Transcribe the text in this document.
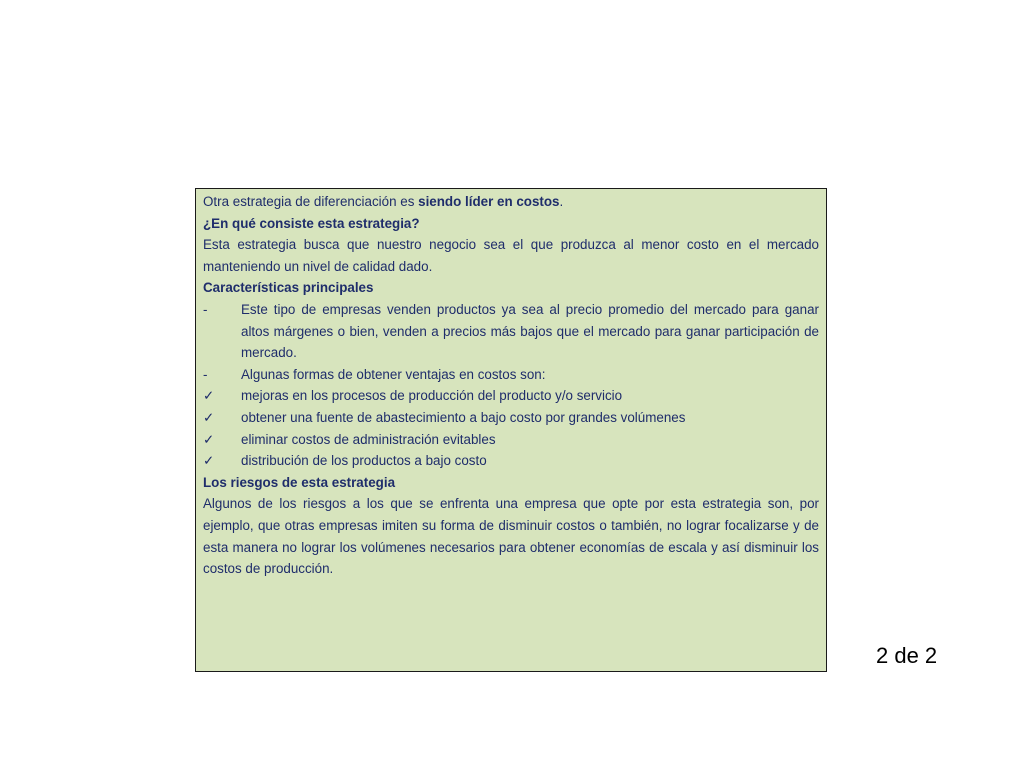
Otra estrategia de diferenciación es siendo líder en costos.

¿En qué consiste esta estrategia?

Esta estrategia busca que nuestro negocio sea el que produzca al menor costo en el mercado manteniendo un nivel de calidad dado.

Características principales

-	Este tipo de empresas venden productos ya sea al precio promedio del mercado para ganar altos márgenes o bien, venden a precios más bajos que el mercado para ganar participación de mercado.
-	Algunas formas de obtener ventajas en costos son:
✓	mejoras en los procesos de producción del producto y/o servicio
✓	obtener una fuente de abastecimiento a bajo costo por grandes volúmenes
✓	eliminar costos de administración evitables
✓	distribución de los productos a bajo costo

Los riesgos de esta estrategia

Algunos de los riesgos a los que se enfrenta una empresa que opte por esta estrategia son, por ejemplo, que otras empresas imiten su forma de disminuir costos o también, no lograr focalizarse y de esta manera no lograr los volúmenes necesarios para obtener economías de escala y así disminuir los costos de producción.

2 de 2
